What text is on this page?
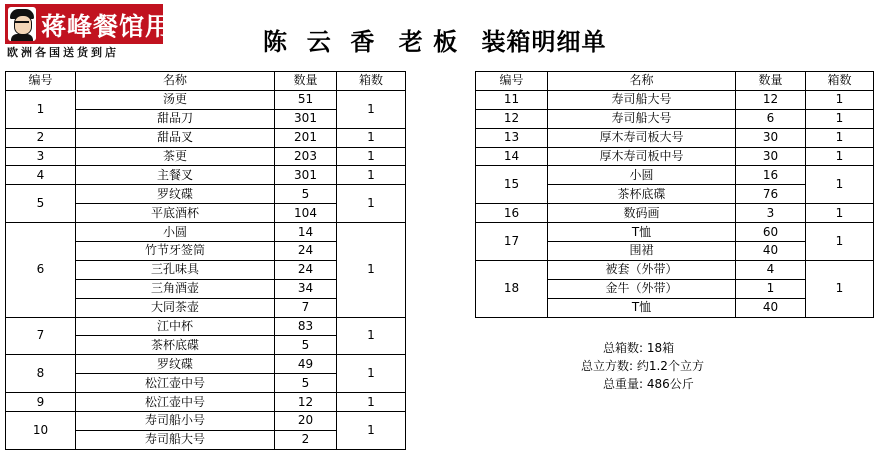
蒋峰餐馆用品
欧洲各国送货到店	陈  云  香 老 板 装箱明细单
编号	名称	数量	箱数
1	汤更	51	1
	甜品刀	301	
2	甜品叉	201	1
3	茶更	203	1
4	主餐叉	301	1
5	罗纹碟	5	1
	平底酒杯	104	
6	小圆	14	1
	竹节牙签筒	24	
	三孔味具	24	
	三角酒壶	34	
	大同茶壶	7	
7	江中杯	83	1
	茶杯底碟	5	
8	罗纹碟	49	1
	松江壶中号	5	
9	松江壶中号	12	1
10	寿司船小号	20	1
	寿司船大号	2	
编号	名称	数量	箱数
11	寿司船大号	12	1
12	寿司船大号	6	1
13	厚木寿司板大号	30	1
14	厚木寿司板中号	30	1
15	小圆	16	1
	茶杯底碟	76	
16	数码画	3	1
17	T恤	60	1
	围裙	40	
18	被套（外带）	4	1
	金牛（外带）	1	
	T恤	40	
总箱数: 18箱
总立方数: 约1.2个立方
总重量: 486公斤
